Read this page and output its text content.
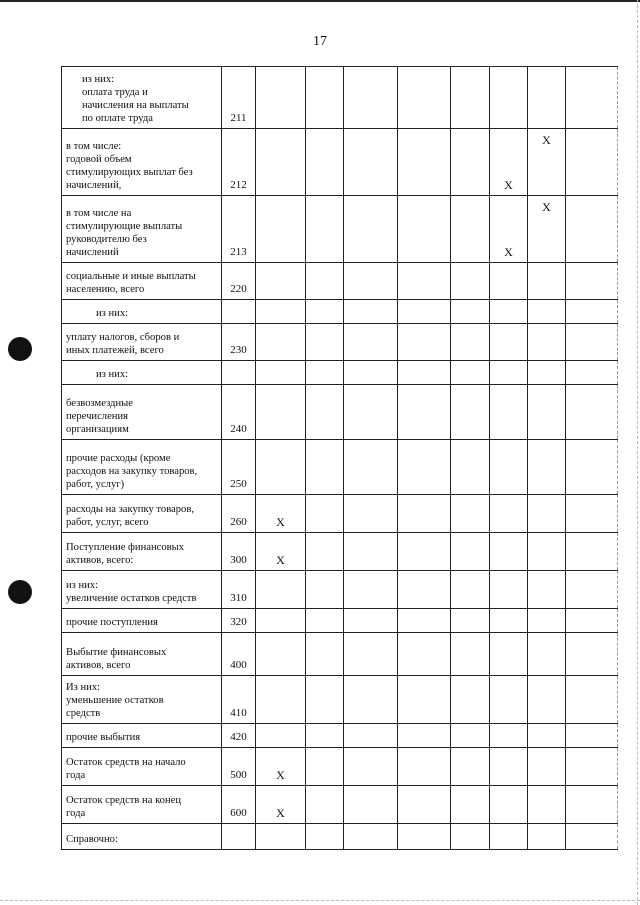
17
из них:
оплата труда и
начисления на выплаты
по оплате труда	211								

в том числе:
годовой объем
стимулирующих выплат без
начислений,	212						X	X	

в том числе на
стимулирующие выплаты
руководителю без
начислений	213						X	X	

социальные и иные выплаты
населению, всего	220								

из них:									

уплату налогов, сборов и
иных платежей, всего	230								

из них:									

безвозмездные
перечисления
организациям	240								

прочие расходы (кроме
расходов на закупку товаров,
работ, услуг)	250								

расходы на закупку товаров,
работ, услуг, всего	260	X							

Поступление финансовых
активов, всего:	300	X							

из них:
увеличение остатков средств	310								

прочие поступления	320								

Выбытие финансовых
активов, всего	400								

Из них:
уменьшение остатков
средств	410								

прочие выбытия	420								

Остаток средств на начало
года	500	X							

Остаток средств на конец
года	600	X							

Справочно:									
